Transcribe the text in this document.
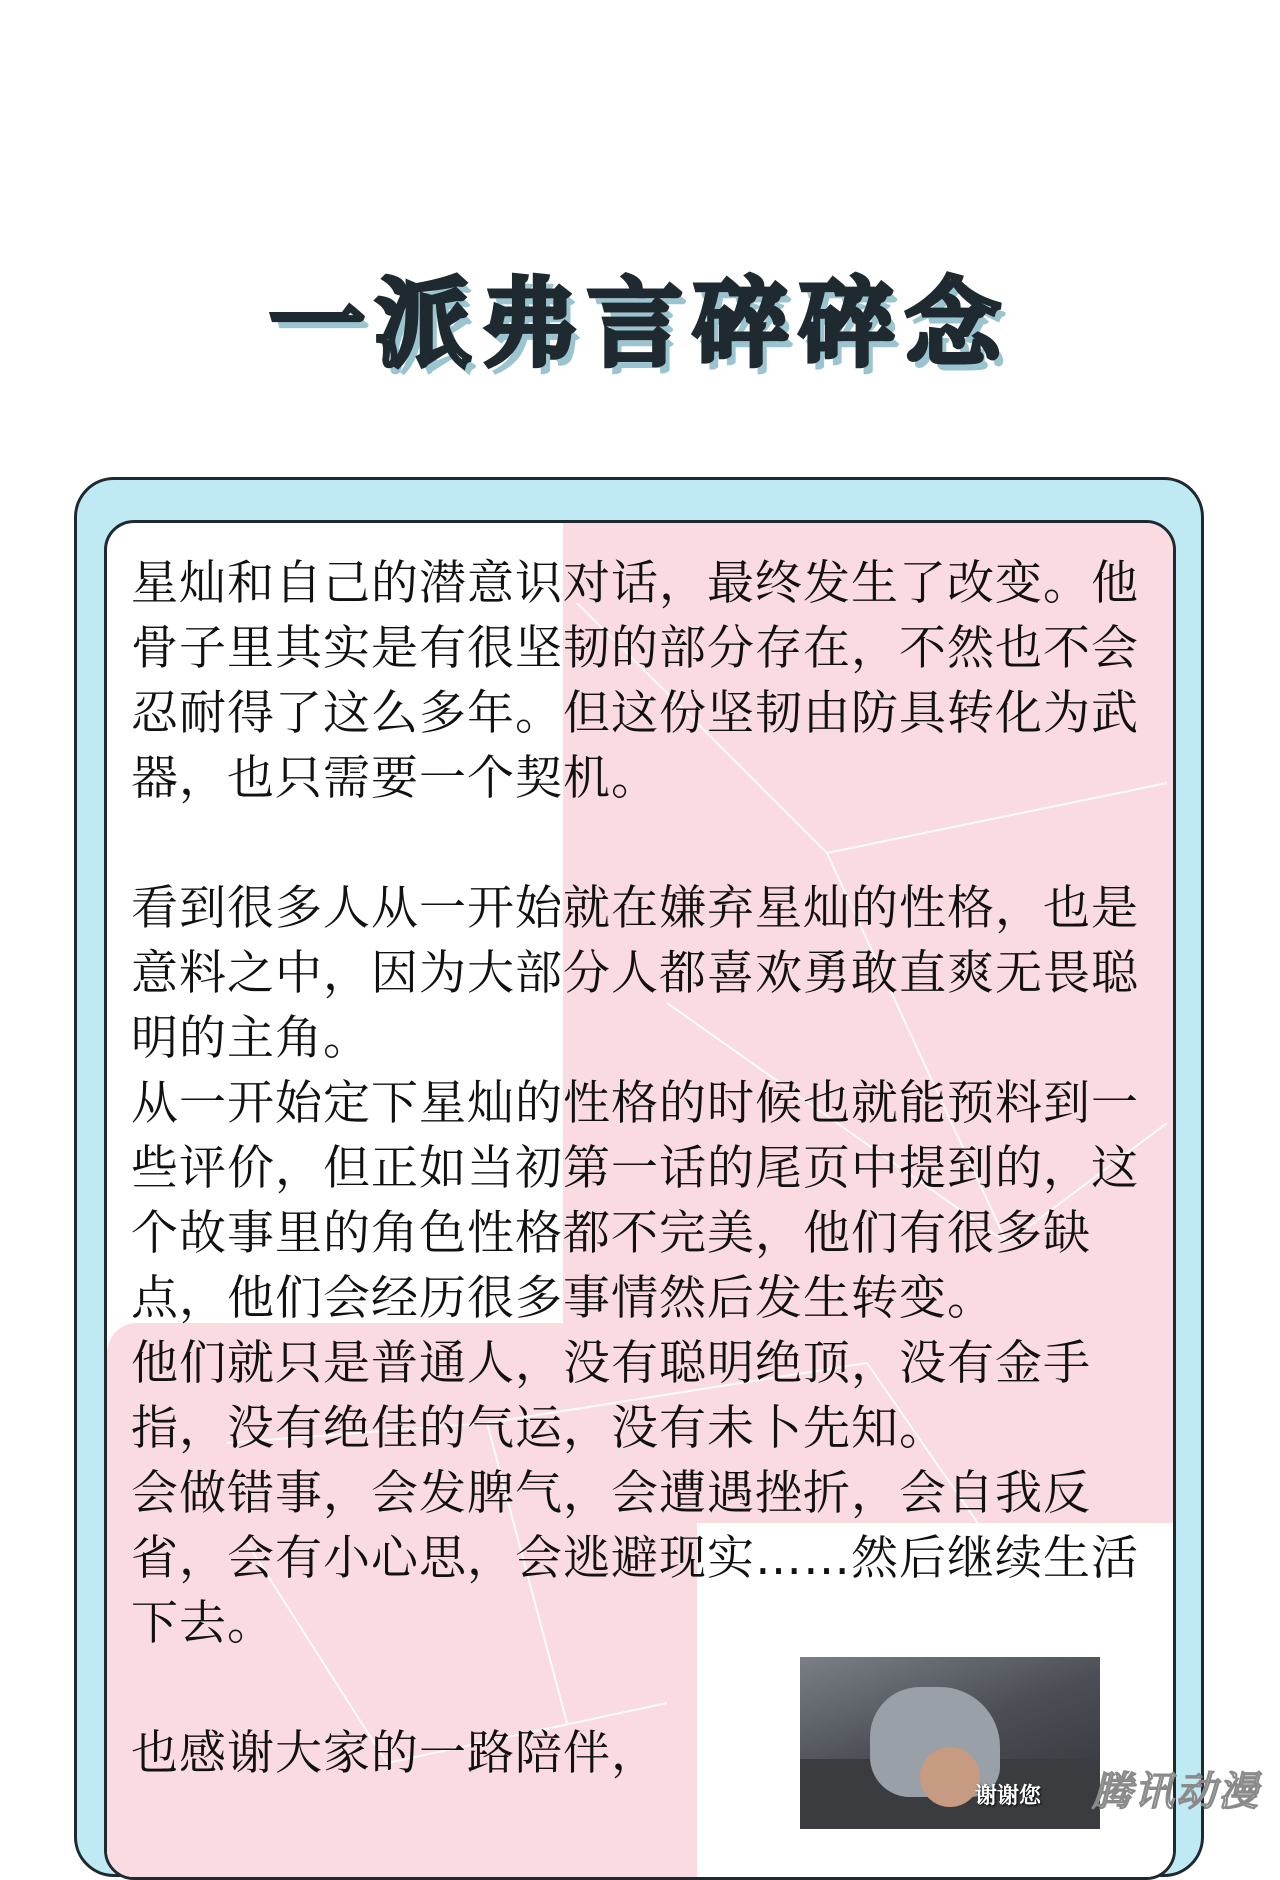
一派弗言碎碎念

星灿和自己的潜意识对话，最终发生了改变。他骨子里其实是有很坚韧的部分存在，不然也不会忍耐得了这么多年。但这份坚韧由防具转化为武器，也只需要一个契机。

看到很多人从一开始就在嫌弃星灿的性格，也是意料之中，因为大部分人都喜欢勇敢直爽无畏聪明的主角。

从一开始定下星灿的性格的时候也就能预料到一些评价，但正如当初第一话的尾页中提到的，这个故事里的角色性格都不完美，他们有很多缺点，他们会经历很多事情然后发生转变。

他们就只是普通人，没有聪明绝顶，没有金手指，没有绝佳的气运，没有未卜先知。

会做错事，会发脾气，会遭遇挫折，会自我反省，会有小心思，会逃避现实……然后继续生活下去。

也感谢大家的一路陪伴，

谢谢您 腾讯动漫
